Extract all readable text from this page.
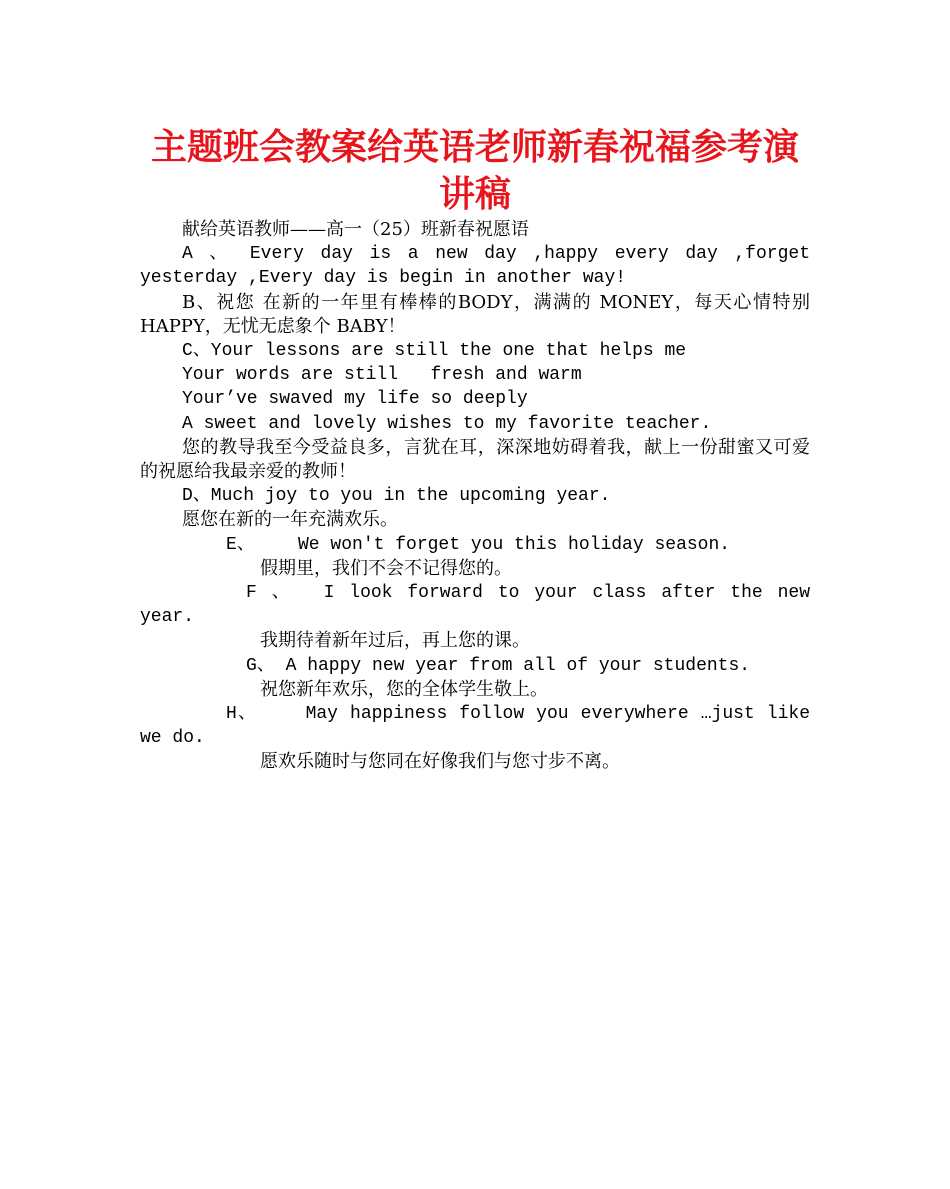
主题班会教案给英语老师新春祝福参考演讲稿

献给英语教师——高一（25）班新春祝愿语

A 、 Every day is a new day ,happy every day ,forget yesterday ,Every day is begin in another way!

B、祝您 在新的一年里有棒棒的BODY，满满的 MONEY，每天心情特别 HAPPY，无忧无虑象个 BABY！

C、Your lessons are still the one that helps me

Your words are still   fresh and warm

Your’ve swaved my life so deeply

A sweet and lovely wishes to my favorite teacher.

您的教导我至今受益良多，言犹在耳，深深地妨碍着我，献上一份甜蜜又可爱的祝愿给我最亲爱的教师！

D、Much joy to you in the upcoming year.

愿您在新的一年充满欢乐。

E、    We won't forget you this holiday season.

假期里，我们不会不记得您的。

F 、  I look forward to your class after the new year.

我期待着新年过后，再上您的课。

G、 A happy new year from all of your students.

祝您新年欢乐，您的全体学生敬上。

H、    May happiness follow you everywhere …just like we do.

愿欢乐随时与您同在好像我们与您寸步不离。
